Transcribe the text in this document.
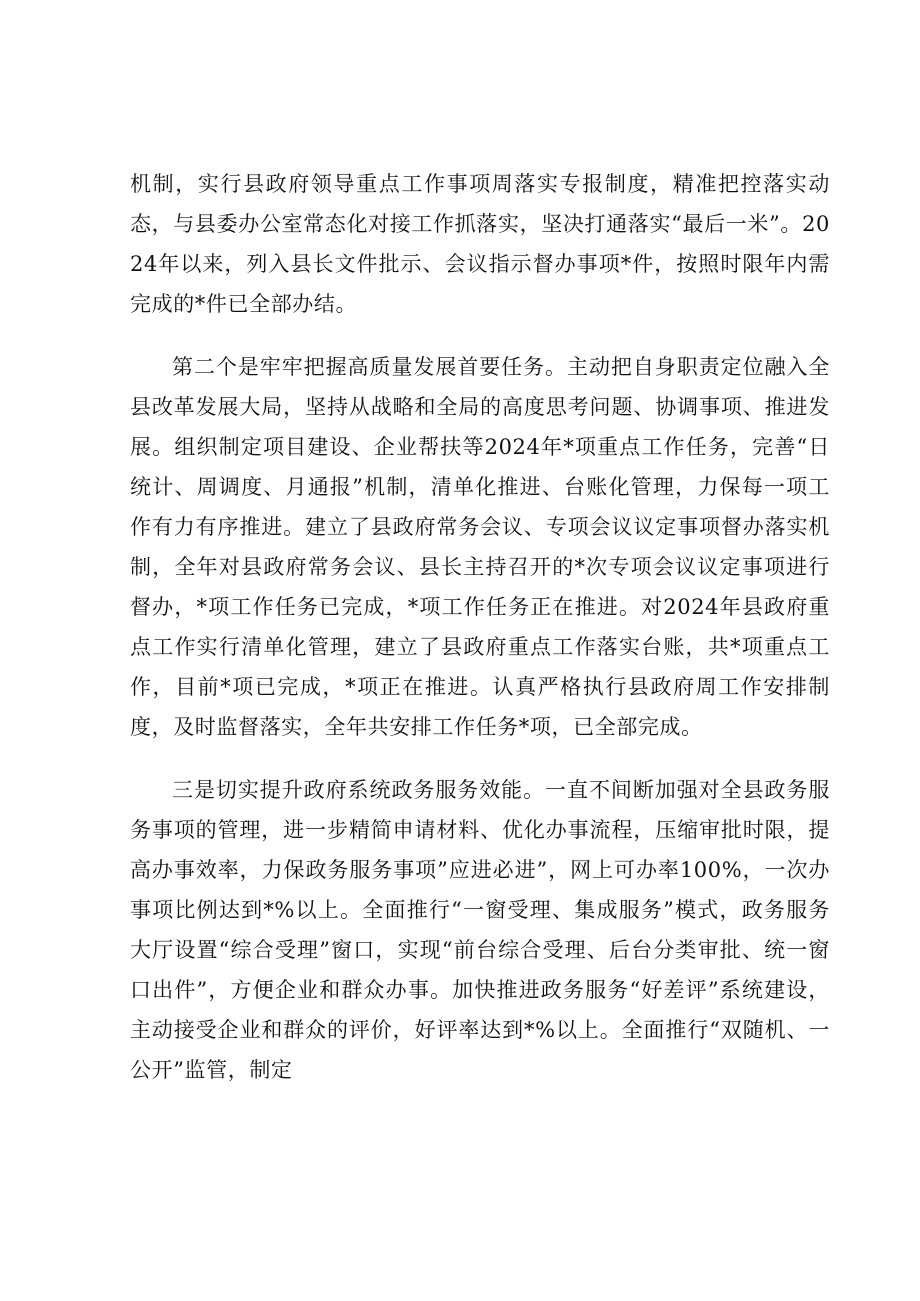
机制，实行县政府领导重点工作事项周落实专报制度，精准把控落实动态，与县委办公室常态化对接工作抓落实，坚决打通落实“最后一米”。2024年以来，列入县长文件批示、会议指示督办事项*件，按照时限年内需完成的*件已全部办结。

第二个是牢牢把握高质量发展首要任务。主动把自身职责定位融入全县改革发展大局，坚持从战略和全局的高度思考问题、协调事项、推进发展。组织制定项目建设、企业帮扶等2024年*项重点工作任务，完善“日统计、周调度、月通报”机制，清单化推进、台账化管理，力保每一项工作有力有序推进。建立了县政府常务会议、专项会议议定事项督办落实机制，全年对县政府常务会议、县长主持召开的*次专项会议议定事项进行督办，*项工作任务已完成，*项工作任务正在推进。对2024年县政府重点工作实行清单化管理，建立了县政府重点工作落实台账，共*项重点工作，目前*项已完成，*项正在推进。认真严格执行县政府周工作安排制度，及时监督落实，全年共安排工作任务*项，已全部完成。

三是切实提升政府系统政务服务效能。一直不间断加强对全县政务服务事项的管理，进一步精简申请材料、优化办事流程，压缩审批时限，提高办事效率，力保政务服务事项”应进必进”，网上可办率100%，一次办事项比例达到*%以上。全面推行“一窗受理、集成服务”模式，政务服务大厅设置“综合受理”窗口，实现“前台综合受理、后台分类审批、统一窗口出件”，方便企业和群众办事。加快推进政务服务“好差评”系统建设，主动接受企业和群众的评价，好评率达到*%以上。全面推行“双随机、一公开”监管，制定
